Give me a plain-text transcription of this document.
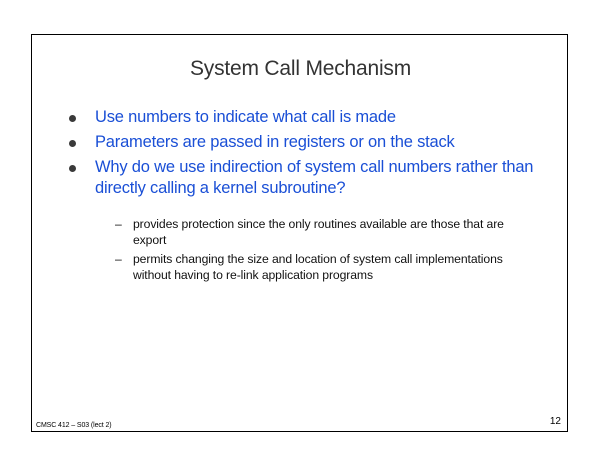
System Call Mechanism
Use numbers to indicate what call is made
Parameters are passed in registers or on the stack
Why do we use indirection of system call numbers rather than directly calling a kernel subroutine?
– provides protection since the only routines available are those that are export
– permits changing the size and location of system call implementations without having to re-link application programs
CMSC 412 – S03 (lect 2)	12
